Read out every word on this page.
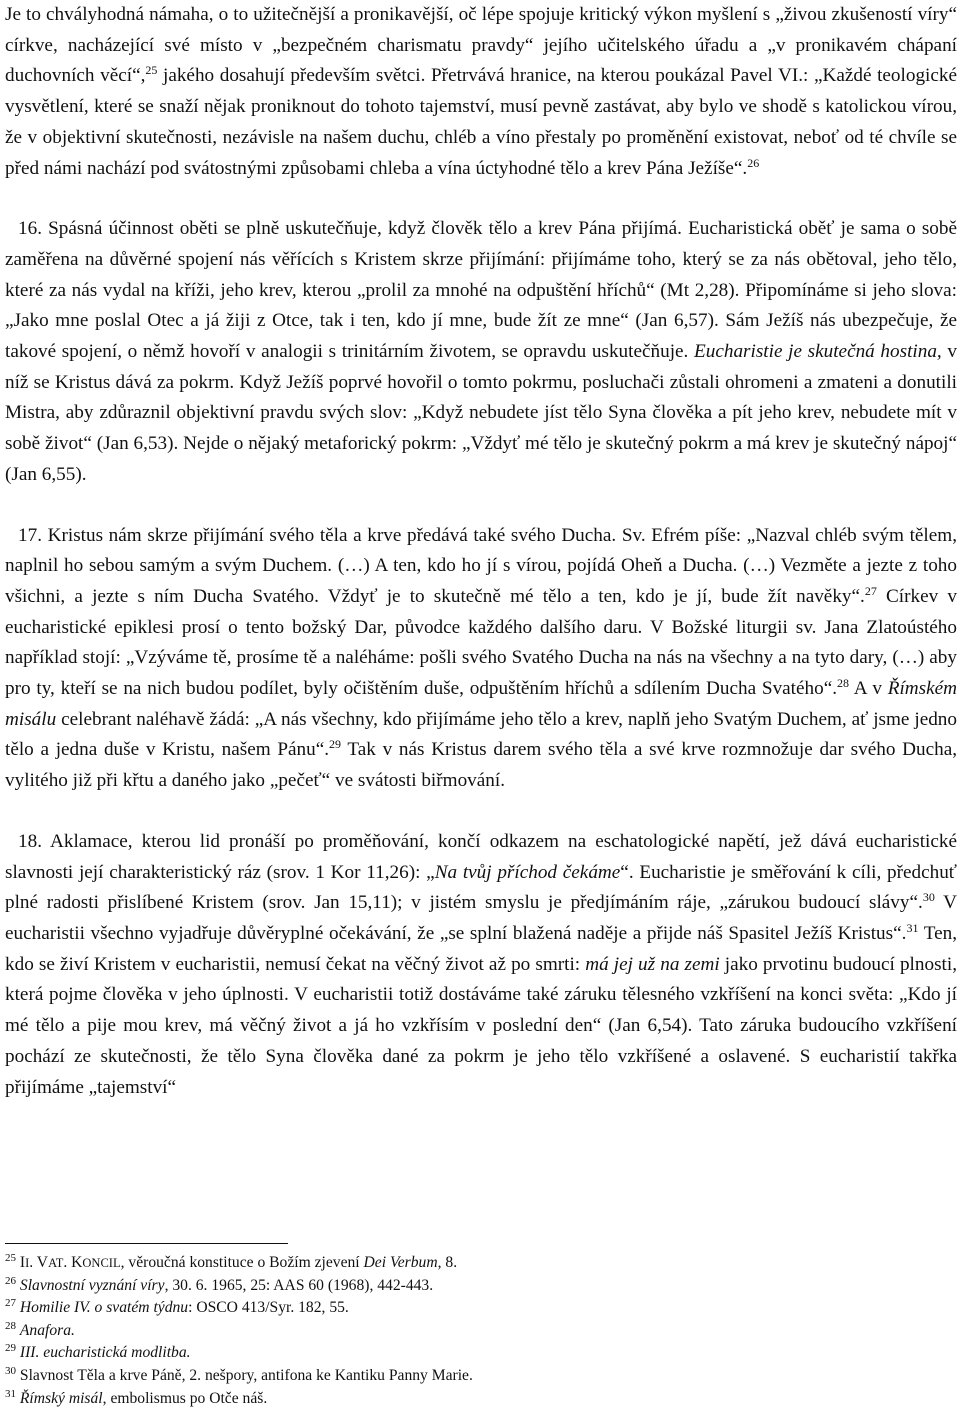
Je to chvályhodná námaha, o to užitečnější a pronikavější, oč lépe spojuje kritický výkon myšlení s „živou zkušeností víry“ církve, nacházející své místo v „bezpečném charismatu pravdy“ jejího učitelského úřadu a „v pronikavém chápaní duchovních věcí“,$^{25}$ jakého dosahují především světci. Přetrvává hranice, na kterou poukázal Pavel VI.: „Každé teologické vysvětlení, které se snaží nějak proniknout do tohoto tajemství, musí pevně zastávat, aby bylo ve shodě s katolickou vírou, že v objektivní skutečnosti, nezávisle na našem duchu, chléb a víno přestaly po proměnění existovat, neboť od té chvíle se před námi nachází pod svátostnými způsobami chleba a vína úctyhodné tělo a krev Pána Ježíše“.$^{26}$

16. Spásná účinnost oběti se plně uskutečňuje, když člověk tělo a krev Pána přijímá. Eucharistická oběť je sama o sobě zaměřena na důvěrné spojení nás věřících s Kristem skrze přijímání: přijímáme toho, který se za nás obětoval, jeho tělo, které za nás vydal na kříži, jeho krev, kterou „prolil za mnohé na odpuštění hříchů“ (Mt 2,28). Připomínáme si jeho slova: „Jako mne poslal Otec a já žiji z Otce, tak i ten, kdo jí mne, bude žít ze mne“ (Jan 6,57). Sám Ježíš nás ubezpečuje, že takové spojení, o němž hovoří v analogii s trinitárním životem, se opravdu uskutečňuje. Eucharistie je skutečná hostina, v níž se Kristus dává za pokrm. Když Ježíš poprvé hovořil o tomto pokrmu, posluchači zůstali ohromeni a zmateni a donutili Mistra, aby zdůraznil objektivní pravdu svých slov: „Když nebudete jíst tělo Syna člověka a pít jeho krev, nebudete mít v sobě život“ (Jan 6,53). Nejde o nějaký metaforický pokrm: „Vždyť mé tělo je skutečný pokrm a má krev je skutečný nápoj“ (Jan 6,55).

17. Kristus nám skrze přijímání svého těla a krve předává také svého Ducha. Sv. Efrém píše: „Nazval chléb svým tělem, naplnil ho sebou samým a svým Duchem. (…) A ten, kdo ho jí s vírou, pojídá Oheň a Ducha. (…) Vezměte a jezte z toho všichni, a jezte s ním Ducha Svatého. Vždyť je to skutečně mé tělo a ten, kdo je jí, bude žít navěky“.$^{27}$ Církev v eucharistické epiklesi prosí o tento božský Dar, původce každého dalšího daru. V Božské liturgii sv. Jana Zlatoústého například stojí: „Vzýváme tě, prosíme tě a naléháme: pošli svého Svatého Ducha na nás na všechny a na tyto dary, (…) aby pro ty, kteří se na nich budou podílet, byly očištěním duše, odpuštěním hříchů a sdílením Ducha Svatého“.$^{28}$ A v Římském misálu celebrant naléhavě žádá: „A nás všechny, kdo přijímáme jeho tělo a krev, naplň jeho Svatým Duchem, ať jsme jedno tělo a jedna duše v Kristu, našem Pánu“.$^{29}$ Tak v nás Kristus darem svého těla a své krve rozmnožuje dar svého Ducha, vylitého již při křtu a daného jako „pečeť“ ve svátosti biřmování.

18. Aklamace, kterou lid pronáší po proměňování, končí odkazem na eschatologické napětí, jež dává eucharistické slavnosti její charakteristický ráz (srov. 1 Kor 11,26): „Na tvůj příchod čekáme“. Eucharistie je směřování k cíli, předchuť plné radosti přislíbené Kristem (srov. Jan 15,11); v jistém smyslu je předjímáním ráje, „zárukou budoucí slávy“.$^{30}$ V eucharistii všechno vyjadřuje důvěryplné očekávání, že „se splní blažená naděje a přijde náš Spasitel Ježíš Kristus“.$^{31}$ Ten, kdo se živí Kristem v eucharistii, nemusí čekat na věčný život až po smrti: má jej už na zemi jako prvotinu budoucí plnosti, která pojme člověka v jeho úplnosti. V eucharistii totiž dostáváme také záruku tělesného vzkříšení na konci světa: „Kdo jí mé tělo a pije mou krev, má věčný život a já ho vzkřísím v poslední den“ (Jan 6,54). Tato záruka budoucího vzkříšení pochází ze skutečnosti, že tělo Syna člověka dané za pokrm je jeho tělo vzkříšené a oslavené. S eucharistií takřka přijímáme „tajemství“

$^{25}$ II. VAT. KONCIL, věroučná konstituce o Božím zjevení Dei Verbum, 8.

$^{26}$ Slavnostní vyznání víry, 30. 6. 1965, 25: AAS 60 (1968), 442-443.

$^{27}$ Homilie IV. o svatém týdnu: OSCO 413/Syr. 182, 55.

$^{28}$ Anafora.

$^{29}$ III. eucharistická modlitba.

$^{30}$ Slavnost Těla a krve Páně, 2. nešpory, antifona ke Kantiku Panny Marie.

$^{31}$ Římský misál, embolismus po Otče náš.
